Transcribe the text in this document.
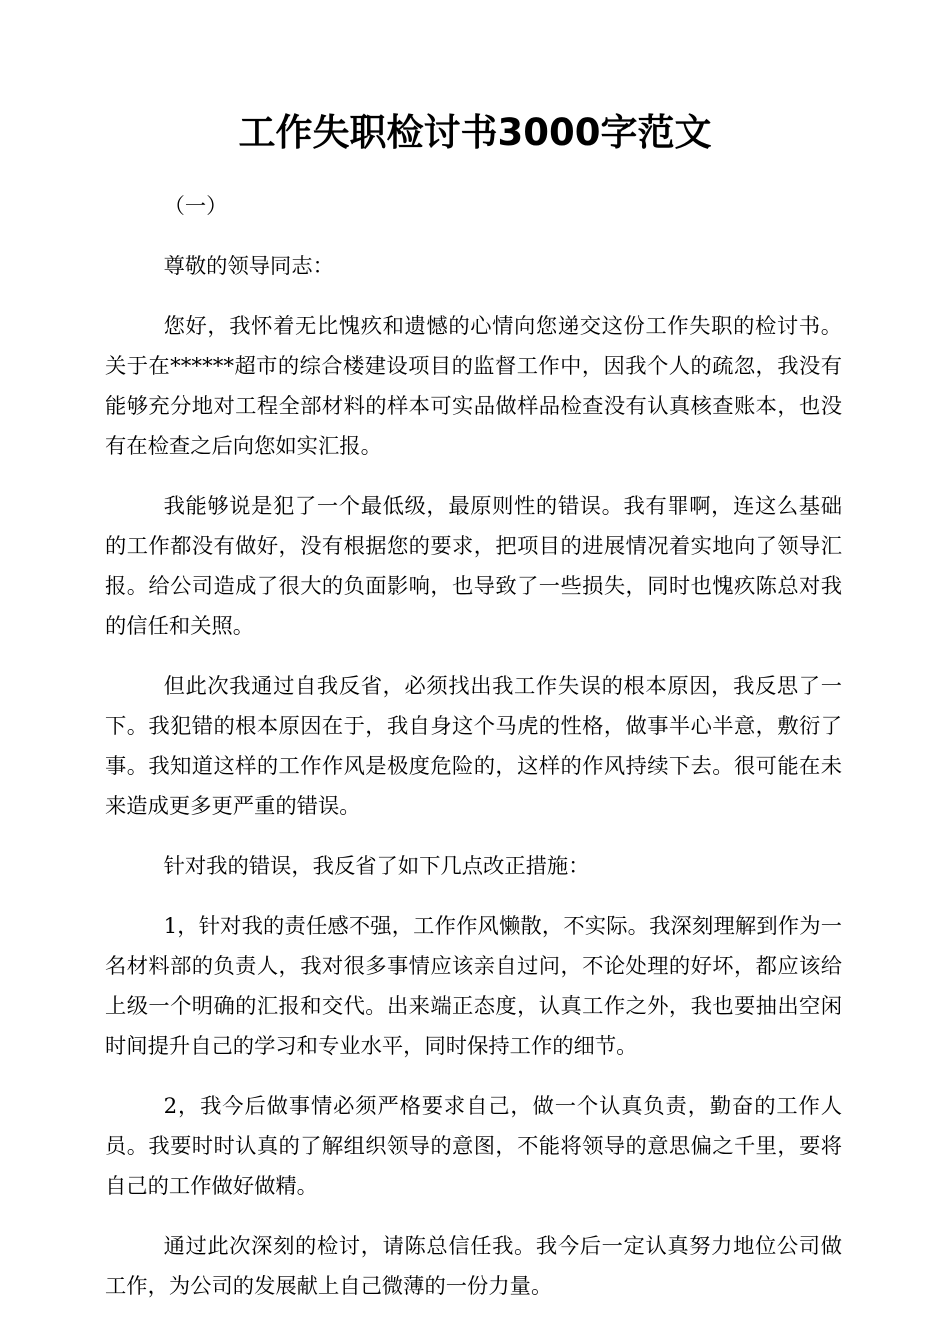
工作失职检讨书3000字范文

（一）

尊敬的领导同志：

您好，我怀着无比愧疚和遗憾的心情向您递交这份工作失职的检讨书。关于在******超市的综合楼建设项目的监督工作中，因我个人的疏忽，我没有能够充分地对工程全部材料的样本可实品做样品检查没有认真核查账本，也没有在检查之后向您如实汇报。

我能够说是犯了一个最低级，最原则性的错误。我有罪啊，连这么基础的工作都没有做好，没有根据您的要求，把项目的进展情况着实地向了领导汇报。给公司造成了很大的负面影响，也导致了一些损失，同时也愧疚陈总对我的信任和关照。

但此次我通过自我反省，必须找出我工作失误的根本原因，我反思了一下。我犯错的根本原因在于，我自身这个马虎的性格，做事半心半意，敷衍了事。我知道这样的工作作风是极度危险的，这样的作风持续下去。很可能在未来造成更多更严重的错误。

针对我的错误，我反省了如下几点改正措施：

1，针对我的责任感不强，工作作风懒散，不实际。我深刻理解到作为一名材料部的负责人，我对很多事情应该亲自过问，不论处理的好坏，都应该给上级一个明确的汇报和交代。出来端正态度，认真工作之外，我也要抽出空闲时间提升自己的学习和专业水平，同时保持工作的细节。

2，我今后做事情必须严格要求自己，做一个认真负责，勤奋的工作人员。我要时时认真的了解组织领导的意图，不能将领导的意思偏之千里，要将自己的工作做好做精。

通过此次深刻的检讨，请陈总信任我。我今后一定认真努力地位公司做工作，为公司的发展献上自己微薄的一份力量。
